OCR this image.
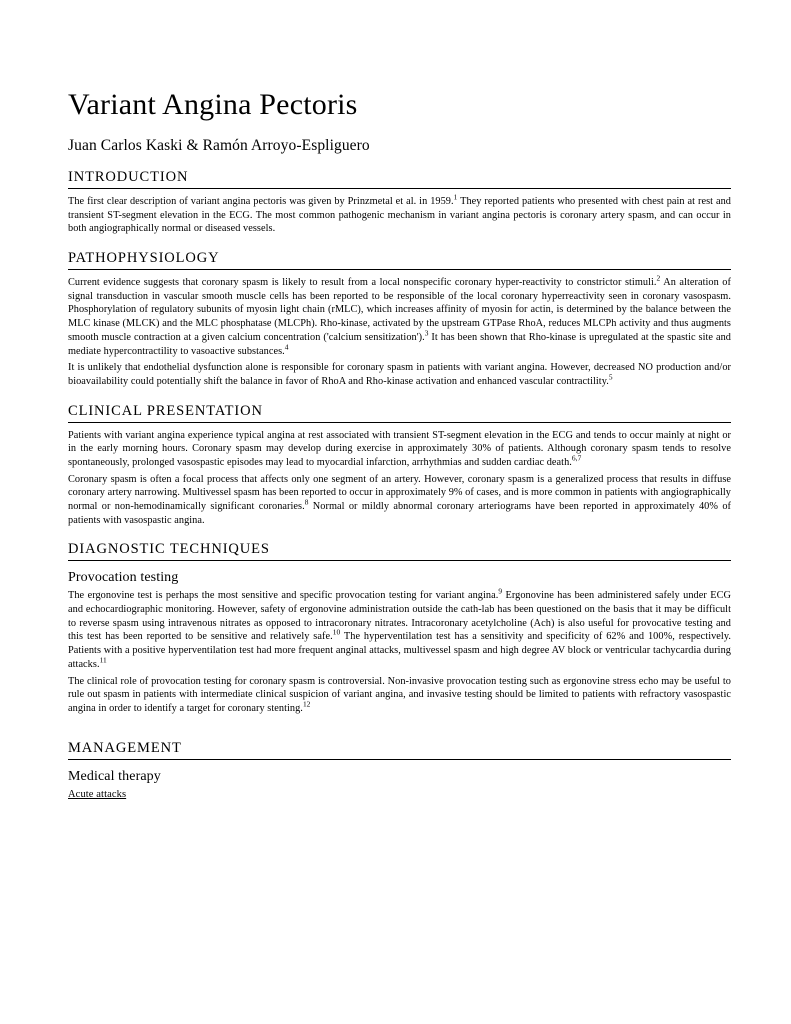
Variant Angina Pectoris
Juan Carlos Kaski & Ramón Arroyo-Espliguero
INTRODUCTION

The first clear description of variant angina pectoris was given by Prinzmetal et al. in 1959.$^1$ They reported patients who presented with chest pain at rest and transient ST-segment elevation in the ECG. The most common pathogenic mechanism in variant angina pectoris is coronary artery spasm, and can occur in both angiographically normal or diseased vessels.

PATHOPHYSIOLOGY

Current evidence suggests that coronary spasm is likely to result from a local nonspecific coronary hyper-reactivity to constrictor stimuli.$^2$ An alteration of signal transduction in vascular smooth muscle cells has been reported to be responsible of the local coronary hyperreactivity seen in coronary vasospasm. Phosphorylation of regulatory subunits of myosin light chain (rMLC), which increases affinity of myosin for actin, is determined by the balance between the MLC kinase (MLCK) and the MLC phosphatase (MLCPh). Rho-kinase, activated by the upstream GTPase RhoA, reduces MLCPh activity and thus augments smooth muscle contraction at a given calcium concentration ('calcium sensitization').$^3$ It has been shown that Rho-kinase is upregulated at the spastic site and mediate hypercontractility to vasoactive substances.$^4$

It is unlikely that endothelial dysfunction alone is responsible for coronary spasm in patients with variant angina. However, decreased NO production and/or bioavailability could potentially shift the balance in favor of RhoA and Rho-kinase activation and enhanced vascular contractility.$^5$

CLINICAL PRESENTATION

Patients with variant angina experience typical angina at rest associated with transient ST-segment elevation in the ECG and tends to occur mainly at night or in the early morning hours. Coronary spasm may develop during exercise in approximately 30% of patients. Although coronary spasm tends to resolve spontaneously, prolonged vasospastic episodes may lead to myocardial infarction, arrhythmias and sudden cardiac death.$^{6,7}$

Coronary spasm is often a focal process that affects only one segment of an artery. However, coronary spasm is a generalized process that results in diffuse coronary artery narrowing. Multivessel spasm has been reported to occur in approximately 9% of cases, and is more common in patients with angiographically normal or non-hemodinamically significant coronaries.$^8$ Normal or mildly abnormal coronary arteriograms have been reported in approximately 40% of patients with vasospastic angina.

DIAGNOSTIC TECHNIQUES
Provocation testing

The ergonovine test is perhaps the most sensitive and specific provocation testing for variant angina.$^9$ Ergonovine has been administered safely under ECG and echocardiographic monitoring. However, safety of ergonovine administration outside the cath-lab has been questioned on the basis that it may be difficult to reverse spasm using intravenous nitrates as opposed to intracoronary nitrates. Intracoronary acetylcholine (Ach) is also useful for provocative testing and this test has been reported to be sensitive and relatively safe.$^{10}$ The hyperventilation test has a sensitivity and specificity of 62% and 100%, respectively. Patients with a positive hyperventilation test had more frequent anginal attacks, multivessel spasm and high degree AV block or ventricular tachycardia during attacks.$^{11}$

The clinical role of provocation testing for coronary spasm is controversial. Non-invasive provocation testing such as ergonovine stress echo may be useful to rule out spasm in patients with intermediate clinical suspicion of variant angina, and invasive testing should be limited to patients with refractory vasospastic angina in order to identify a target for coronary stenting.$^{12}$

MANAGEMENT
Medical therapy
Acute attacks
